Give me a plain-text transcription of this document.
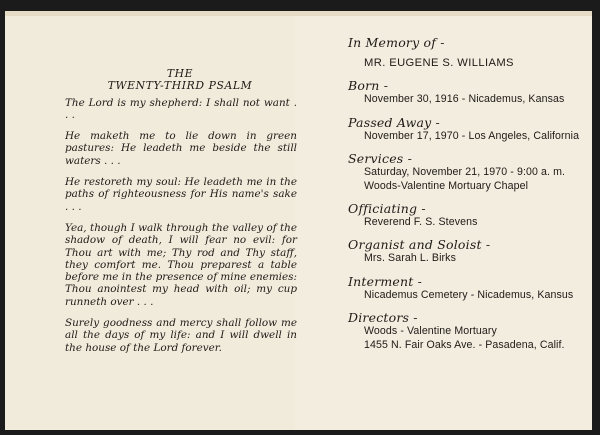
THE
TWENTY-THIRD PSALM

The Lord is my shepherd: I shall not want . . .

He maketh me to lie down in green pastures: He leadeth me beside the still waters . . .

He restoreth my soul: He leadeth me in the paths of righteousness for His name's sake . . .

Yea, though I walk through the valley of the shadow of death, I will fear no evil: for Thou art with me; Thy rod and Thy staff, they comfort me. Thou preparest a table before me in the presence of mine enemies: Thou anointest my head with oil; my cup runneth over . . .

Surely goodness and mercy shall follow me all the days of my life: and I will dwell in the house of the Lord forever.

In Memory of -
MR. EUGENE S. WILLIAMS
Born -
November 30, 1916 - Nicademus, Kansas
Passed Away -
November 17, 1970 - Los Angeles, California
Services -
Saturday, November 21, 1970 - 9:00 a. m.
Woods-Valentine Mortuary Chapel
Officiating -
Reverend F. S. Stevens
Organist and Soloist -
Mrs. Sarah L. Birks
Interment -
Nicademus Cemetery - Nicademus, Kansus
Directors -
Woods - Valentine Mortuary
1455 N. Fair Oaks Ave. - Pasadena, Calif.
